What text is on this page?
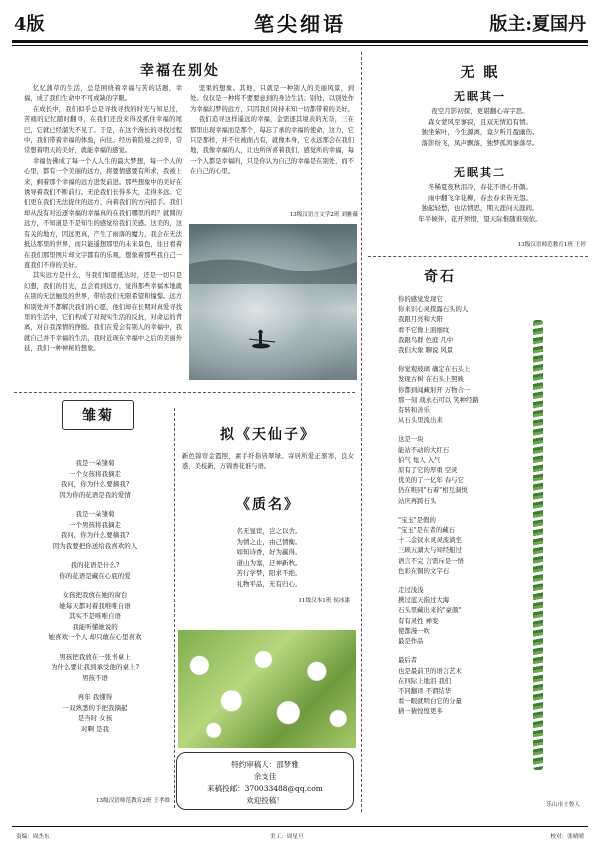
4版	笔尖细语	版主:夏国丹
幸福在别处

忆忆蒲草的生活，总是围绕着幸福与苦的话题，幸福，成了我们生命中不可或缺的字眼。

在成长中，我们似乎总是寻找寻找的时光与知足过，苦痛的记忆随时翻寻，在我们还没来得及抓住幸福的尾巴，它就已经溜失不见了。于是，在这个漫长的寻找过程中，我们带着幸福的体验，向往。经历着险境之间辛，常常想着明天的美好，就能幸福的感觉。

幸福仿佛成了每一个人人生的最大梦想，每一个人的心里，都有一个美丽的远方，将要情感要有所求，我被上来，剩着那个幸福的远方进发前进。那些想象中的美好在诱导着我们不断前行。无论我们长得多大，走得多远。它们更在我们无法捉住的远方，向着我们的方向招手。我们却从没有对近逐幸福的幸福真的在我们哪里的吗？就圆的远方，不知道是不是知生的感觉给我们美感。这美的，这有关的地方，因远更真，产生了雨落的魔力，我会在无法抵达那里的世界，而只能遥想那里的未来景色，往日看着在我们那里图片却文字都有的乐观，想象着那些我自己一直我们不得的美好。

其实远方是什么，当我们如愿抵达时，还是一切只是幻想，我们的目光，总会看到远方，觉得那些幸福本地就在别的无法触及的世界，带给我们无限希望和憧憬。远方和别处并不都解决我们的心愿，他们却在长期对真爱寻找里的生活中，它们构成了对现实生活的反抗，对命运的背离，对自我深情的挣脱。我们在爱会有别人的幸福中，我就自己并不幸福的生活，我时近现在幸福中之后的美丽外延，我们一种神秘的想象。

坚果的想象。其他，只就是一种别人的美丽风景，到处。仅仅是一种将不要要意到的身边生活；别处，以别处作为幸福幻梦的远方，只因我们对持未知一切都带着的美好。

我们追寻这样遥远的幸福，金需逐其境表的无奈，三在那里出现幸福而是那个，每忘了承的幸福的使命，这力，它只是那样，并不住被面占有，就像本身，它永远那会在我们地，我像幸福的人，让也所所喜着我们，感觉所的幸福，每一个人都是幸福的，只是你认为自己的幸福是在别处，而不在自己的心里。

13级汉语言文学2班 刘雅薇
无 眠
无眠其一

夜空月影初探，更堪翻心寄字思。

森女蒙风至寥寂，且双无情追有情。

独坐萦叶，今生源离，竟夕听月盈幽伤。

落影纷飞，凤声飘落，独梦孤鸿寥落尽。

无眠其二

冬稀夏夜秋泪冷，春花不语心开颜。

雨中翻飞伞花柳，春去春来皆无怨。

独起轻愁，也话情思，期天涯问天涯间。

年半倾伴，花开须惜，望天际惟随谁刻依。

13级汉语师范教育1班 王婷
奇石

你的感觉发现它

你来识心灵探露石头的人

我跟月亮和大阳

看不它像上面细纹

我跟鸟群 色庭 几中

我们大象 聊说 风景

你觉观玻璃 确定在石头上

发现古树 在石头上照映

你都到闻藏射开 万物合一

那一刻 战永石可以 笑种经路

有转和善乐

从石头里流出来

这是一块

能站不动的大红石

伯气 龟人 入气

原有了它的厚重 空灵

优美的了一亿年 春与它

仍在唯同"石着"相互洞悦

站庆再跨石头

"宝玉"是假的

"宝玉"是在者的藏石

十二金钗水灵灵流淌坐

三顾五湖大与知经船过

语言不完 言需斥是一悟

色彩在铜的文字石

走过浅浅

携过蓝天指过大海

石头里藏出来的"豪颜"

有有灵性 禅变

使都漫一吹

最是作品

最后者

也是最前卫的语言艺术

在四际上地泪 我们

不同翻译 不谓结华

看一眼就明白它的分量

猜一猜惶惶更多

乐山市土鲁人
雏菊

我是一朵雏菊

一个女孩将我摘走

我问，你为什么要摘我?

因为你的花语是我的爱情

我是一朵雏菊

一个男孩将我摘走

我问，你为什么要摘我?

因为我要把你送给我喜欢的人

我的花语是什么?

你的花语是藏在心底的爱

女孩把我放在她的窗台

她每天都对着我唯唯自语

其实不是唯唯自语

我能听懂她说的

她喜欢一个人 却只敢在心里喜欢

男孩把我放在一张书桌上

为什么要让我到承受他的桌上?

男孩不语

再年 我懂得

一双熟悉的手把我摘起

是当时 女孩

对啊 是我

13级汉语师范教育2班 王孝维
拟《天仙子》
新色锦帘金霞照，素手纤指皆翠绿。寄居所爱正驱寒，良女惑，美枝新，万锦香花谁与语。
《质名》

名无显宦，岂之以舍。

为情之止，由己情衡。

如知诗香，好为赢得。

道山为塞，迂神新秋。

苦行学梦，阳求不绝。

礼物平品，无有归心。

11级汉本1班 侯冰漆
特约审稿人：邵梦雅
余支佳
来稿投邮：370033488@qq.com
欢迎投稿！
责编：周杰东	美工：周星旦	校对：张晴晴
